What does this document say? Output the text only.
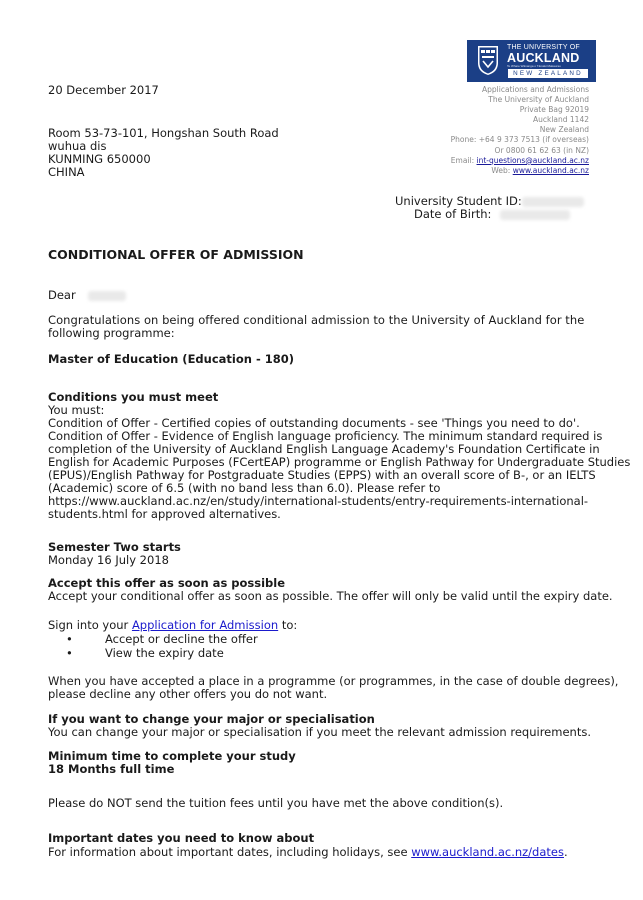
THE UNIVERSITY OF
AUCKLAND
Te Whare Wānanga o Tāmaki Makaurau
NEW ZEALAND
Applications and Admissions
The University of Auckland
Private Bag 92019
Auckland 1142
New Zealand
Phone: +64 9 373 7513 (if overseas)
Or 0800 61 62 63 (in NZ)
Email: int-questions@auckland.ac.nz
Web: www.auckland.ac.nz
20 December 2017
Room 53-73-101, Hongshan South Road
wuhua dis
KUNMING 650000
CHINA
University Student ID:
Date of Birth:
CONDITIONAL OFFER OF ADMISSION
Dear
Congratulations on being offered conditional admission to the University of Auckland for the
following programme:
Master of Education (Education - 180)
Conditions you must meet
You must:
Condition of Offer - Certified copies of outstanding documents - see 'Things you need to do'.
Condition of Offer - Evidence of English language proficiency. The minimum standard required is
completion of the University of Auckland English Language Academy's Foundation Certificate in
English for Academic Purposes (FCertEAP) programme or English Pathway for Undergraduate Studies
(EPUS)/English Pathway for Postgraduate Studies (EPPS) with an overall score of B-, or an IELTS
(Academic) score of 6.5 (with no band less than 6.0). Please refer to
https://www.auckland.ac.nz/en/study/international-students/entry-requirements-international-
students.html for approved alternatives.
Semester Two starts
Monday 16 July 2018
Accept this offer as soon as possible
Accept your conditional offer as soon as possible. The offer will only be valid until the expiry date.
Sign into your Application for Admission to:
• Accept or decline the offer
• View the expiry date
When you have accepted a place in a programme (or programmes, in the case of double degrees),
please decline any other offers you do not want.
If you want to change your major or specialisation
You can change your major or specialisation if you meet the relevant admission requirements.
Minimum time to complete your study
18 Months full time
Please do NOT send the tuition fees until you have met the above condition(s).
Important dates you need to know about
For information about important dates, including holidays, see www.auckland.ac.nz/dates.
